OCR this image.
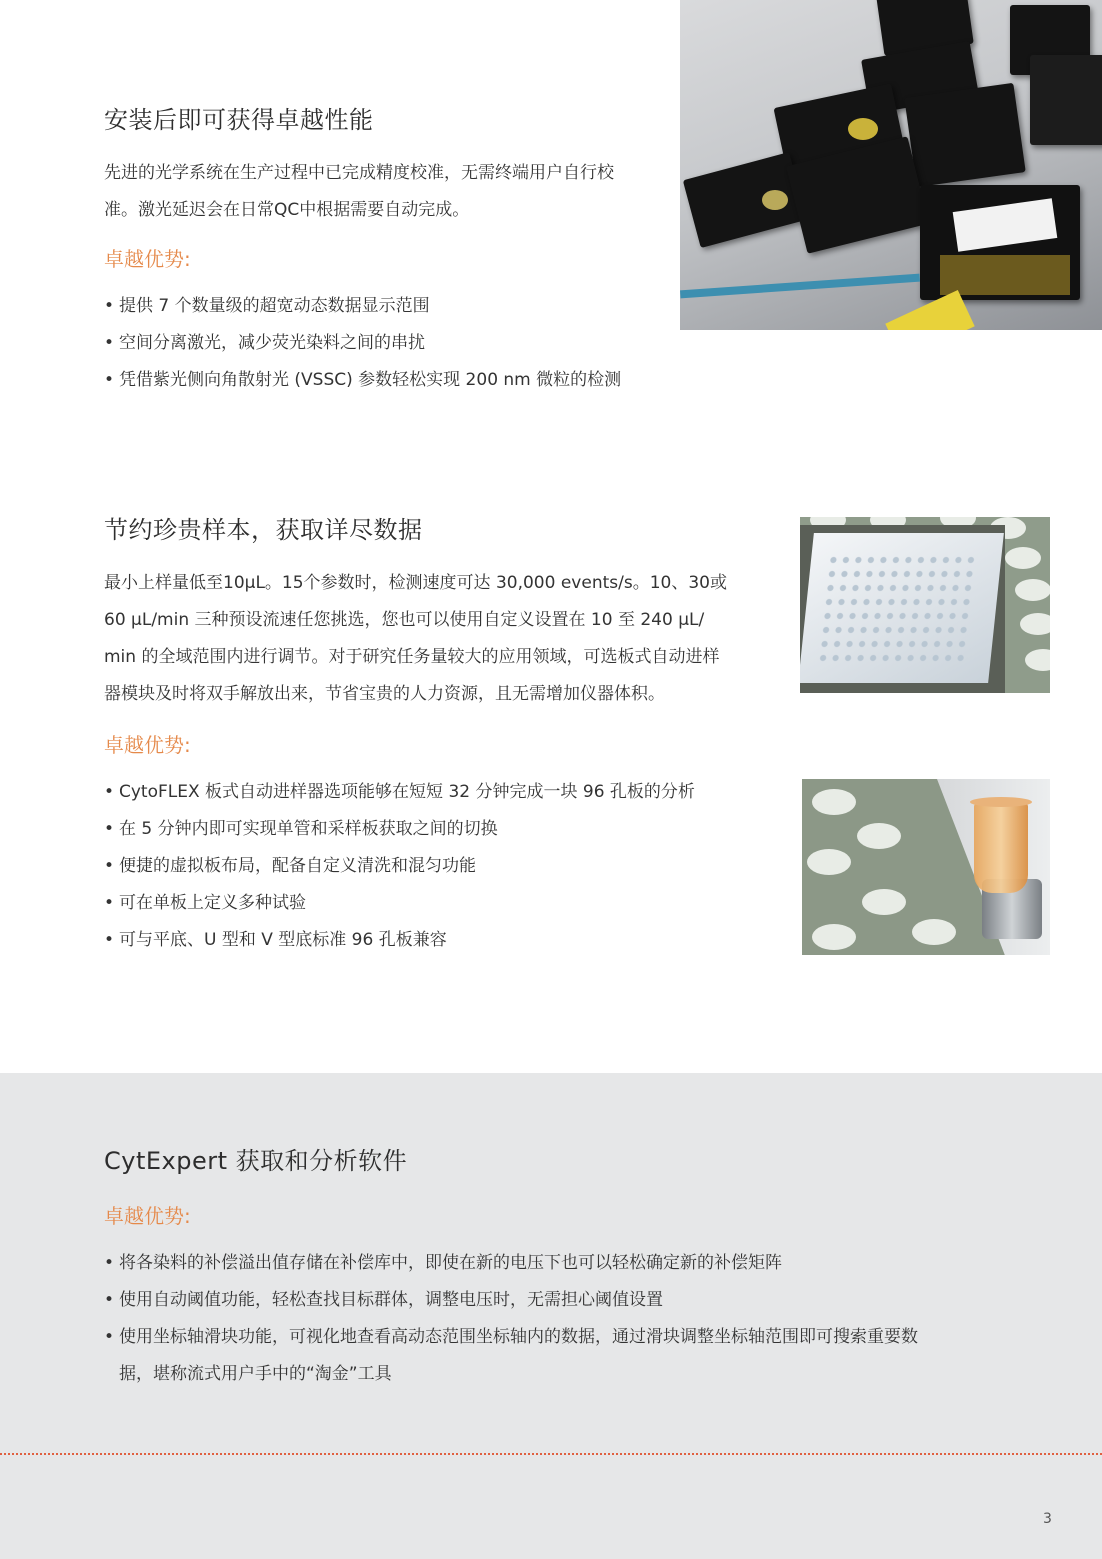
安装后即可获得卓越性能

先进的光学系统在生产过程中已完成精度校准，无需终端用户自行校

准。激光延迟会在日常QC中根据需要自动完成。

卓越优势:

• 提供 7 个数量级的超宽动态数据显示范围
• 空间分离激光，减少荧光染料之间的串扰
• 凭借紫光侧向角散射光 (VSSC) 参数轻松实现 200 nm 微粒的检测
节约珍贵样本，获取详尽数据

最小上样量低至10μL。15个参数时，检测速度可达 30,000 events/s。10、30或

60 μL/min 三种预设流速任您挑选，您也可以使用自定义设置在 10 至 240 μL/

min 的全域范围内进行调节。对于研究任务量较大的应用领域，可选板式自动进样

器模块及时将双手解放出来，节省宝贵的人力资源，且无需增加仪器体积。

卓越优势:

• CytoFLEX 板式自动进样器选项能够在短短 32 分钟完成一块 96 孔板的分析
• 在 5 分钟内即可实现单管和采样板获取之间的切换
• 便捷的虚拟板布局，配备自定义清洗和混匀功能
• 可在单板上定义多种试验
• 可与平底、U 型和 V 型底标准 96 孔板兼容
CytExpert 获取和分析软件

卓越优势:

• 将各染料的补偿溢出值存储在补偿库中，即使在新的电压下也可以轻松确定新的补偿矩阵
• 使用自动阈值功能，轻松查找目标群体，调整电压时，无需担心阈值设置
• 使用坐标轴滑块功能，可视化地查看高动态范围坐标轴内的数据，通过滑块调整坐标轴范围即可搜索重要数
据，堪称流式用户手中的“淘金”工具
3
